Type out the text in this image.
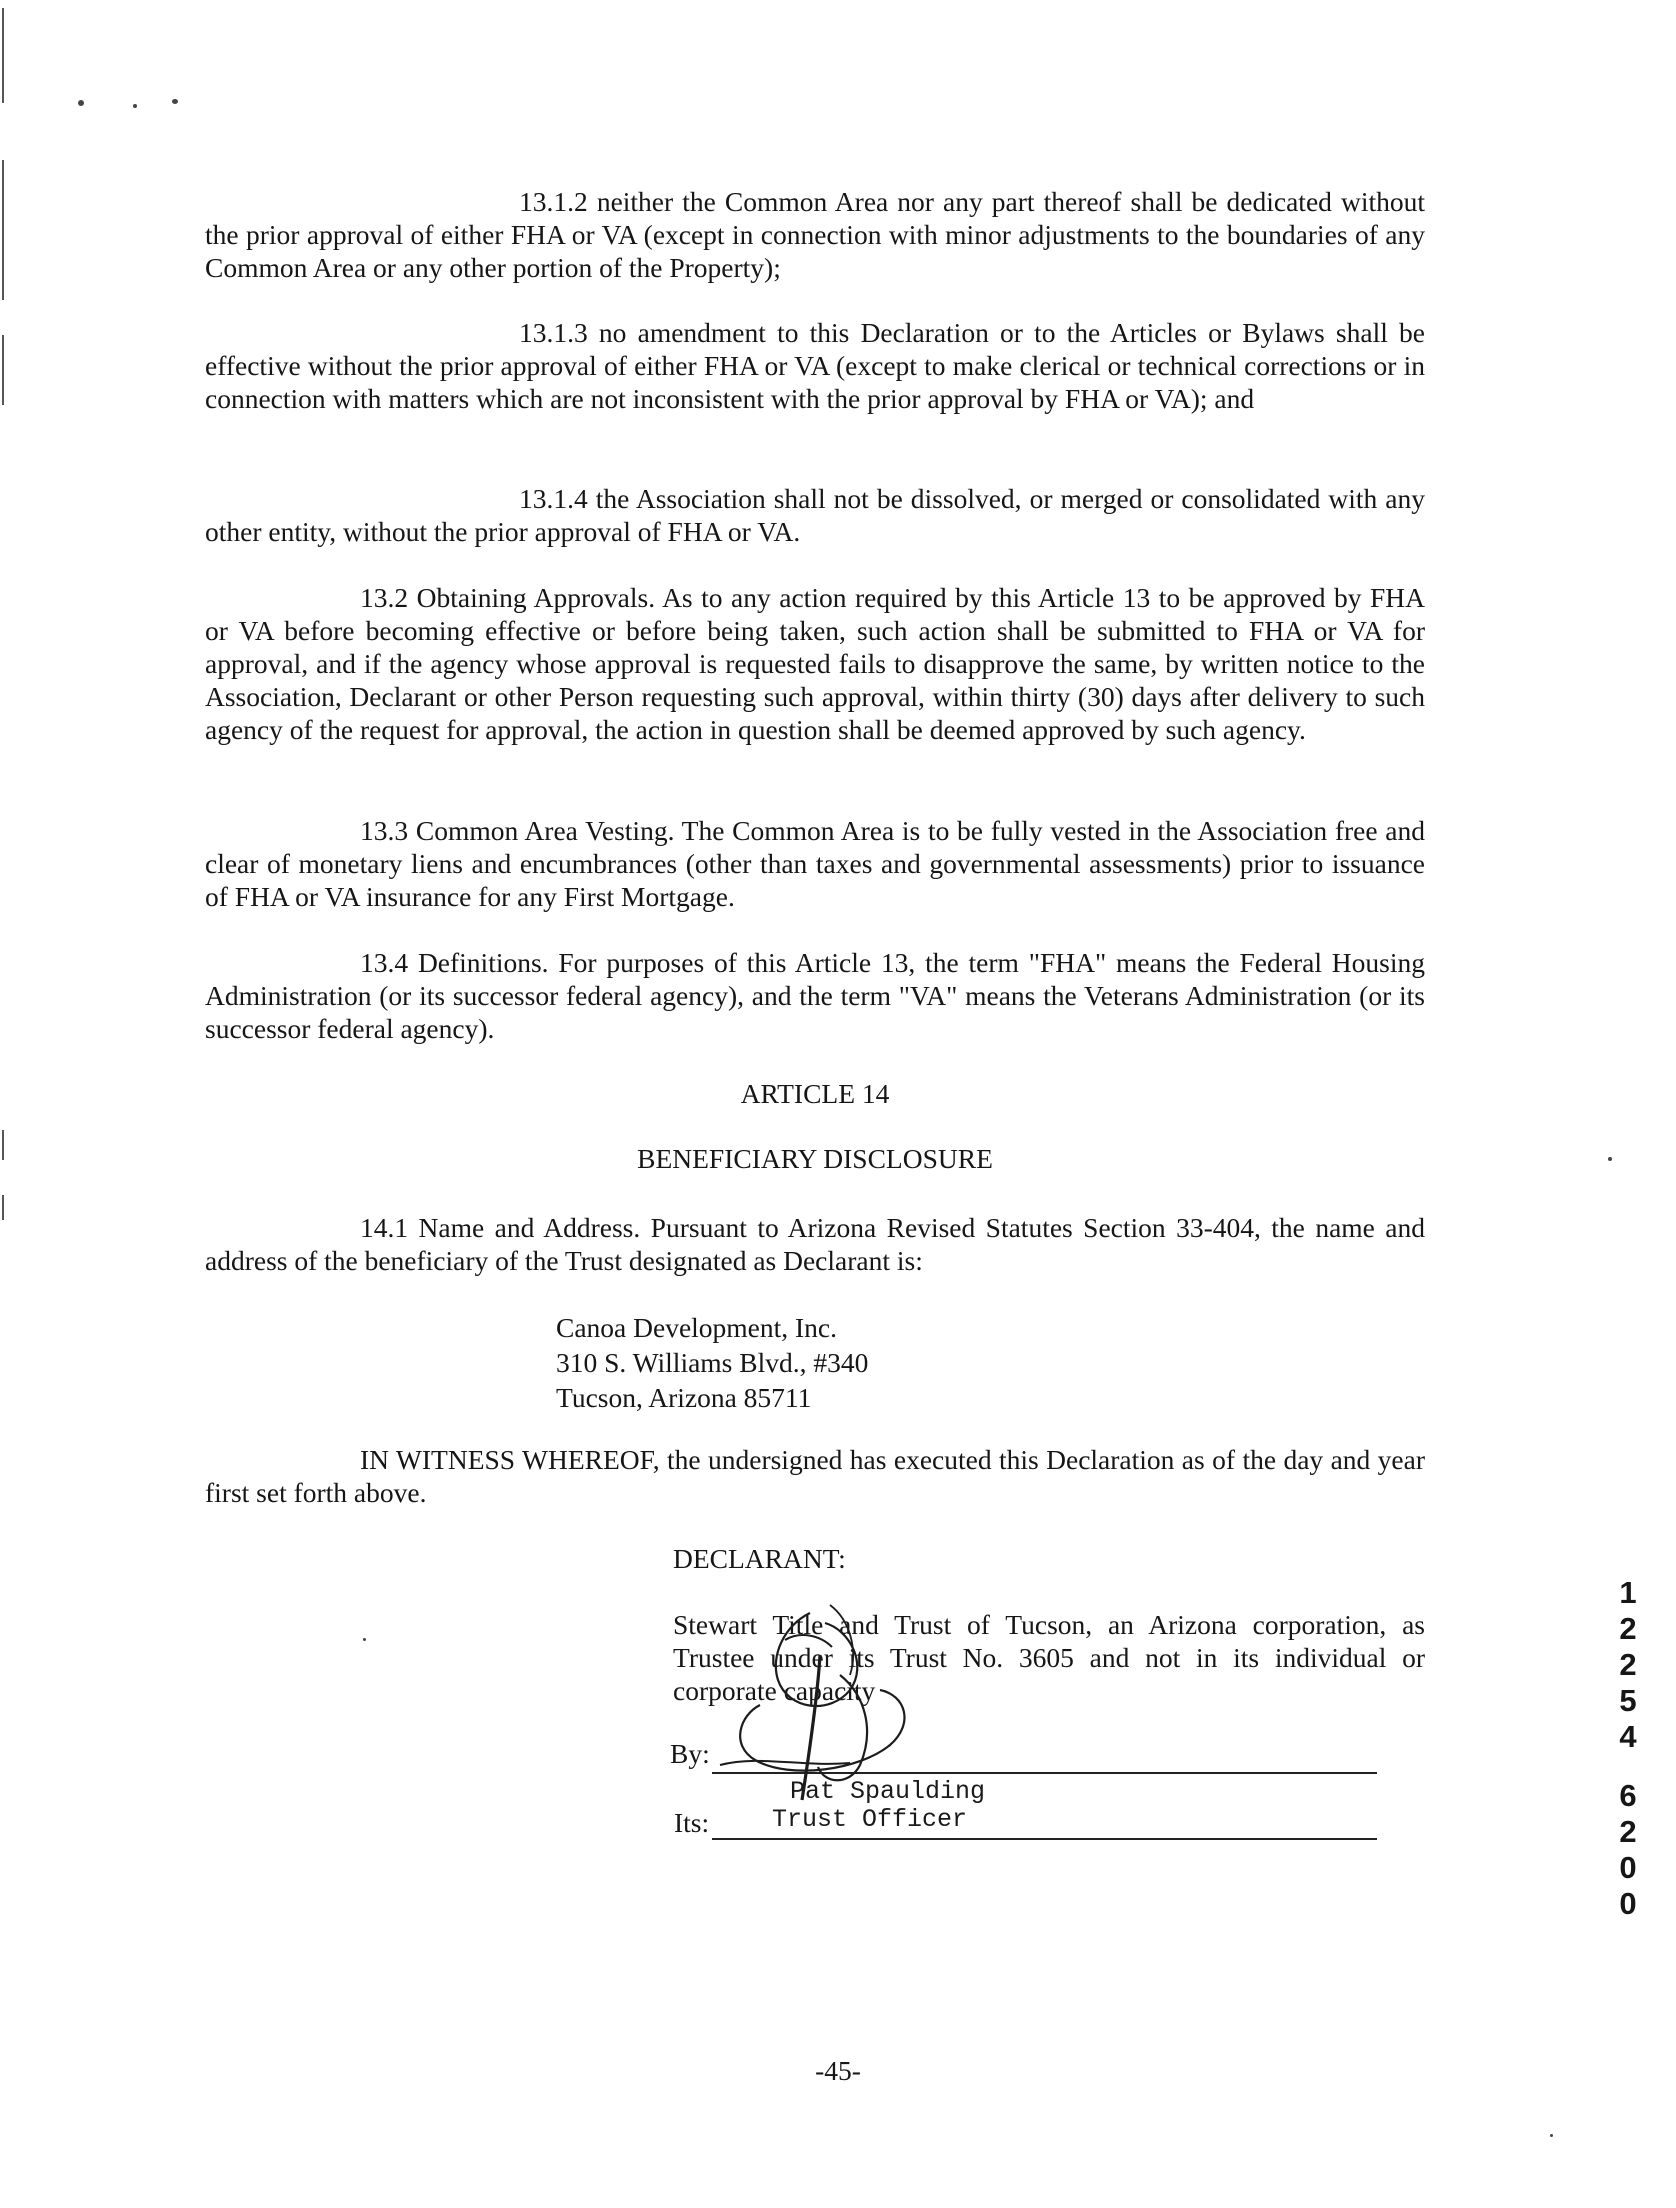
13.1.2 neither the Common Area nor any part thereof shall be dedicated without the prior approval of either FHA or VA (except in connection with minor adjustments to the boundaries of any Common Area or any other portion of the Property);
13.1.3 no amendment to this Declaration or to the Articles or Bylaws shall be effective without the prior approval of either FHA or VA (except to make clerical or technical corrections or in connection with matters which are not inconsistent with the prior approval by FHA or VA); and
13.1.4 the Association shall not be dissolved, or merged or consolidated with any other entity, without the prior approval of FHA or VA.
13.2 Obtaining Approvals. As to any action required by this Article 13 to be approved by FHA or VA before becoming effective or before being taken, such action shall be submitted to FHA or VA for approval, and if the agency whose approval is requested fails to disapprove the same, by written notice to the Association, Declarant or other Person requesting such approval, within thirty (30) days after delivery to such agency of the request for approval, the action in question shall be deemed approved by such agency.
13.3 Common Area Vesting. The Common Area is to be fully vested in the Association free and clear of monetary liens and encumbrances (other than taxes and governmental assessments) prior to issuance of FHA or VA insurance for any First Mortgage.
13.4 Definitions. For purposes of this Article 13, the term "FHA" means the Federal Housing Administration (or its successor federal agency), and the term "VA" means the Veterans Administration (or its successor federal agency).
ARTICLE 14
BENEFICIARY DISCLOSURE
14.1 Name and Address. Pursuant to Arizona Revised Statutes Section 33-404, the name and address of the beneficiary of the Trust designated as Declarant is:
Canoa Development, Inc.
310 S. Williams Blvd., #340
Tucson, Arizona 85711
IN WITNESS WHEREOF, the undersigned has executed this Declaration as of the day and year first set forth above.
DECLARANT:
Stewart Title and Trust of Tucson, an Arizona corporation, as Trustee under its Trust No. 3605 and not in its individual or corporate capacity
By:
Pat Spaulding
Its:	Trust Officer
-45-
1
2
2
5
4
6
2
0
0
